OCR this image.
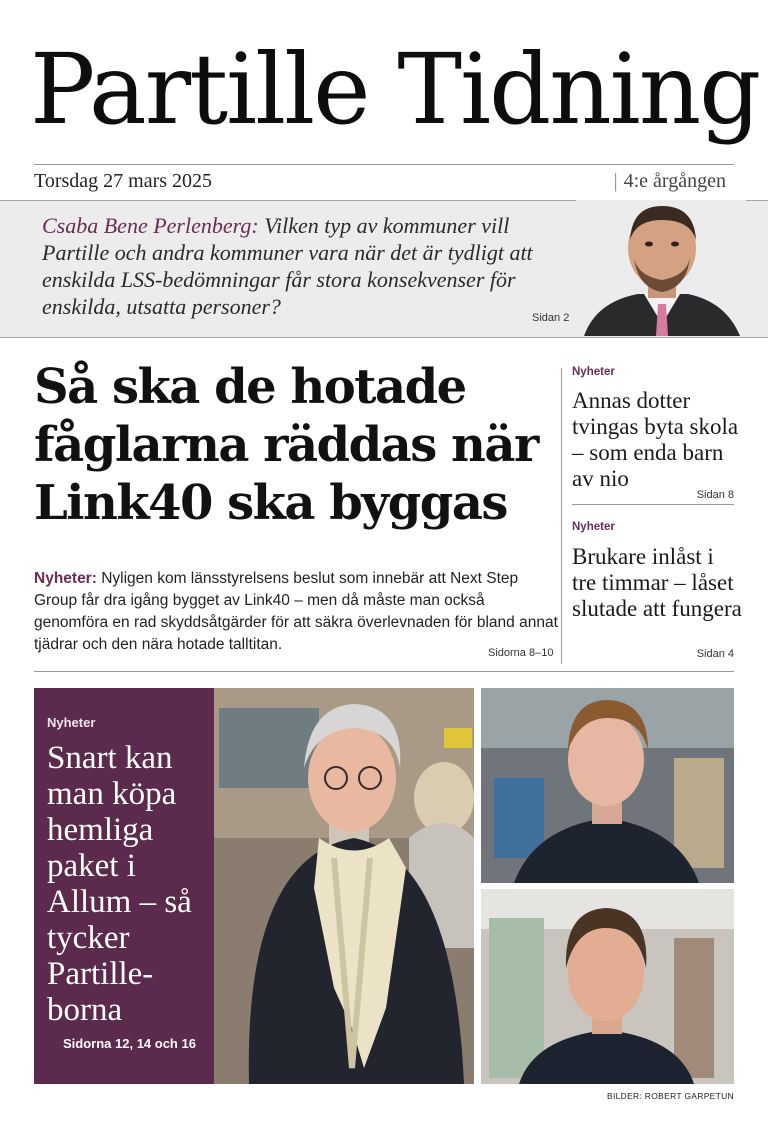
Partille Tidning
Torsdag 27 mars 2025	| 4:e årgången
Csaba Bene Perlenberg: Vilken typ av kommuner vill Partille och andra kommuner vara när det är tydligt att enskilda LSS-bedömningar får stora konsekvenser för enskilda, utsatta personer?	Sidan 2
Så ska de hotade fåglarna räddas när Link40 ska byggas
Nyheter: Nyligen kom länsstyrelsens beslut som innebär att Next Step Group får dra igång bygget av Link40 – men då måste man också genomföra en rad skyddsåtgärder för att säkra överlevnaden för bland annat tjädrar och den nära hotade talltitan.	Sidorna 8–10
Nyheter
Annas dotter tvingas byta skola – som enda barn av nio
Sidan 8
Nyheter
Brukare inlåst i tre timmar – låset slutade att fungera
Sidan 4
Nyheter
Snart kan man köpa hemliga paket i Allum – så tycker Partille-borna
Sidorna 12, 14 och 16
BILDER: ROBERT GARPETUN
